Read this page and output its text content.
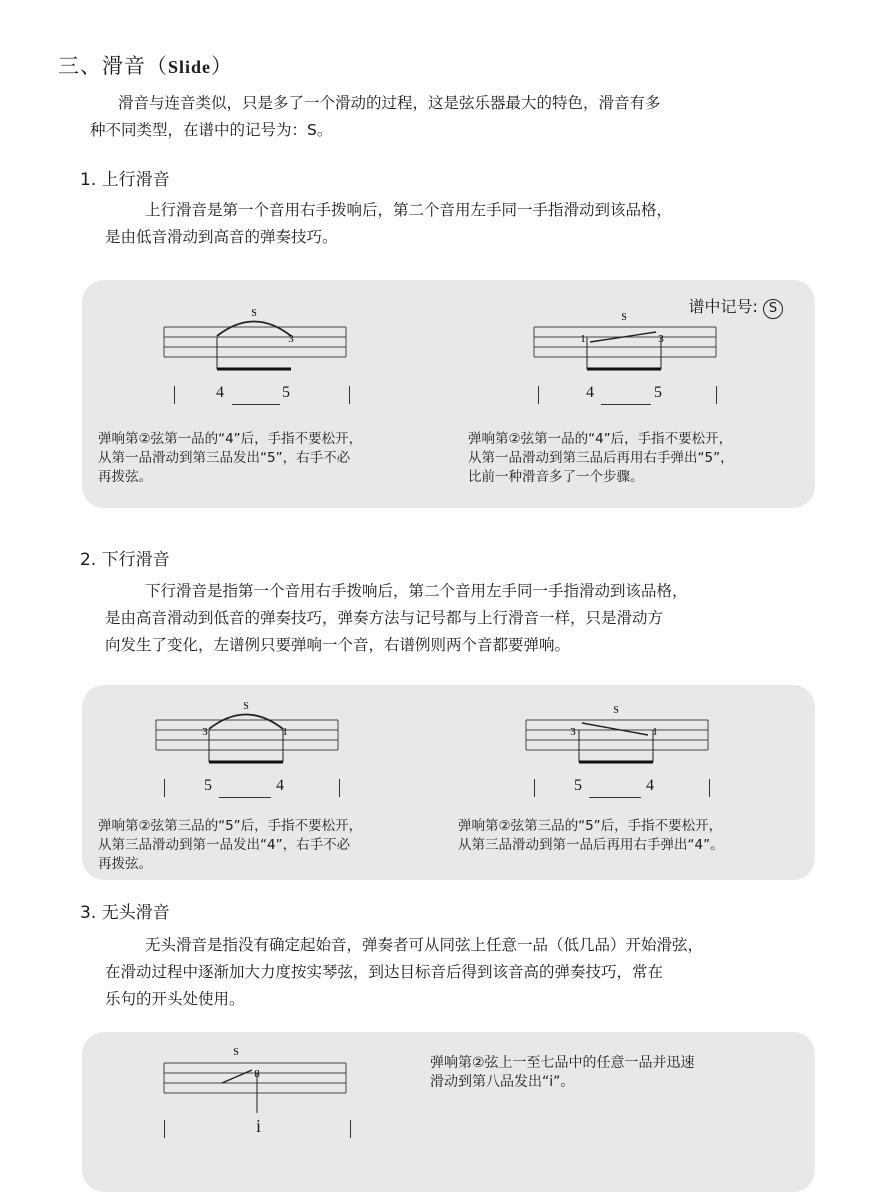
三、滑音（Slide）
滑音与连音类似，只是多了一个滑动的过程，这是弦乐器最大的特色，滑音有多
种不同类型，在谱中的记号为：S。
1. 上行滑音
上行滑音是第一个音用右手拨响后，第二个音用左手同一手指滑动到该品格，
是由低音滑动到高音的弹奏技巧。
谱中记号: S
S
3
4	5
弹响第②弦第一品的“4”后，手指不要松开，
从第一品滑动到第三品发出“5”，右手不必
再拨弦。
S
1	3
4	5
弹响第②弦第一品的“4”后，手指不要松开，
从第一品滑动到第三品后再用右手弹出“5”，
比前一种滑音多了一个步骤。
2. 下行滑音
下行滑音是指第一个音用右手拨响后，第二个音用左手同一手指滑动到该品格，
是由高音滑动到低音的弹奏技巧，弹奏方法与记号都与上行滑音一样，只是滑动方
向发生了变化，左谱例只要弹响一个音，右谱例则两个音都要弹响。
S
3	1
5	4
弹响第②弦第三品的“5”后，手指不要松开，
从第三品滑动到第一品发出“4”，右手不必
再拨弦。
S
3	1
5	4
弹响第②弦第三品的“5”后，手指不要松开，
从第三品滑动到第一品后再用右手弹出“4”。
3. 无头滑音
无头滑音是指没有确定起始音，弹奏者可从同弦上任意一品（低几品）开始滑弦，
在滑动过程中逐渐加大力度按实琴弦，到达目标音后得到该音高的弹奏技巧，常在
乐句的开头处使用。
S
8
i
弹响第②弦上一至七品中的任意一品并迅速
滑动到第八品发出“i”。
